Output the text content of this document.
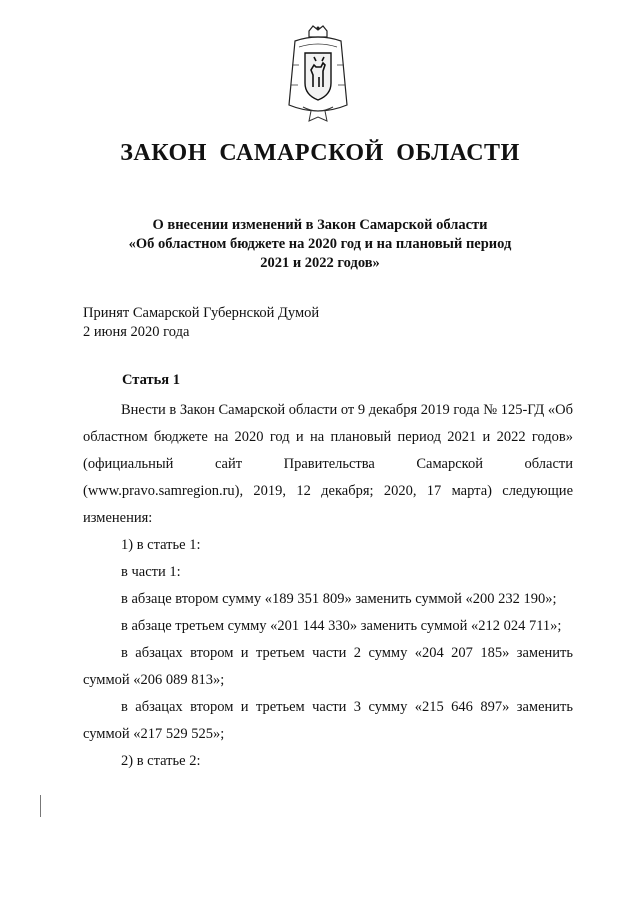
ЗАКОН САМАРСКОЙ ОБЛАСТИ
О внесении изменений в Закон Самарской области
«Об областном бюджете на 2020 год и на плановый период
2021 и 2022 годов»
Принят Самарской Губернской Думой
2 июня 2020 года
Статья 1

Внести в Закон Самарской области от 9 декабря 2019 года № 125-ГД «Об областном бюджете на 2020 год и на плановый период 2021 и 2022 годов» (официальный сайт Правительства Самарской области (www.pravo.samregion.ru), 2019, 12 декабря; 2020, 17 марта) следующие изменения:

1) в статье 1:

в части 1:

в абзаце втором сумму «189 351 809» заменить суммой «200 232 190»;

в абзаце третьем сумму «201 144 330» заменить суммой «212 024 711»;

в абзацах втором и третьем части 2 сумму «204 207 185» заменить суммой «206 089 813»;

в абзацах втором и третьем части 3 сумму «215 646 897» заменить суммой «217 529 525»;

2) в статье 2:
